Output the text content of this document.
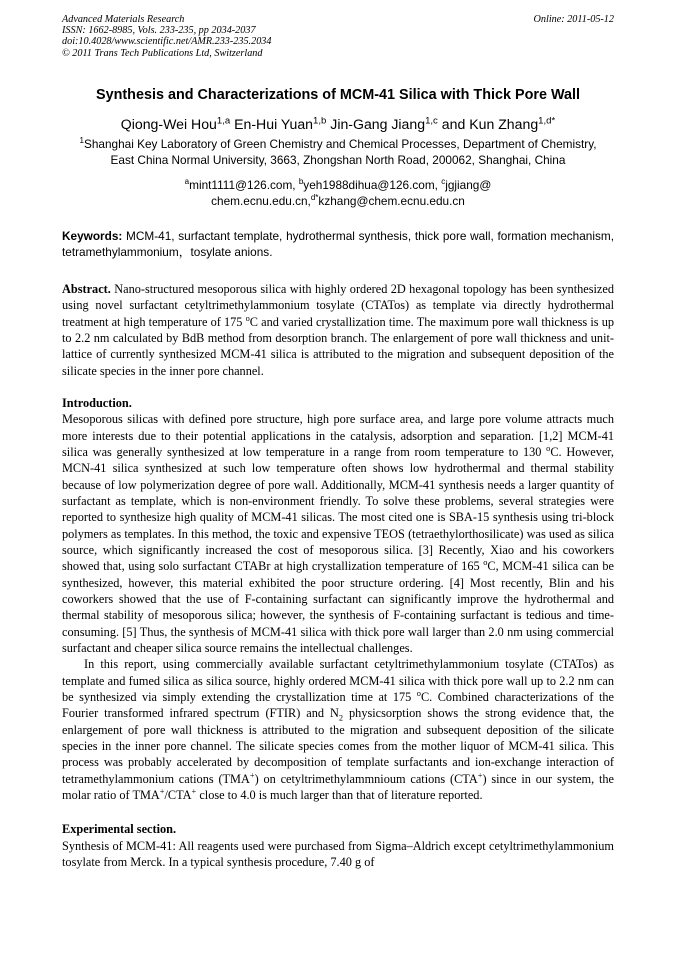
Advanced Materials Research
ISSN: 1662-8985, Vols. 233-235, pp 2034-2037
doi:10.4028/www.scientific.net/AMR.233-235.2034
© 2011 Trans Tech Publications Ltd, Switzerland
Online: 2011-05-12
Synthesis and Characterizations of MCM-41 Silica with Thick Pore Wall
Qiong-Wei Hou$^{1,a}$ En-Hui Yuan$^{1,b}$ Jin-Gang Jiang$^{1,c}$ and Kun Zhang$^{1,d*}$
$^1$Shanghai Key Laboratory of Green Chemistry and Chemical Processes, Department of Chemistry,
East China Normal University, 3663, Zhongshan North Road, 200062, Shanghai, China
$^a$mint1111@126.com, $^b$yeh1988dihua@126.com, $^c$jgjiang@
chem.ecnu.edu.cn,$^{d*}$kzhang@chem.ecnu.edu.cn
Keywords: MCM-41, surfactant template, hydrothermal synthesis, thick pore wall, formation mechanism, tetramethylammonium，tosylate anions.
Abstract. Nano-structured mesoporous silica with highly ordered 2D hexagonal topology has been synthesized using novel surfactant cetyltrimethylammonium tosylate (CTATos) as template via directly hydrothermal treatment at high temperature of 175 $^o$C and varied crystallization time. The maximum pore wall thickness is up to 2.2 nm calculated by BdB method from desorption branch. The enlargement of pore wall thickness and unit-lattice of currently synthesized MCM-41 silica is attributed to the migration and subsequent deposition of the silicate species in the inner pore channel.
Introduction.

Mesoporous silicas with defined pore structure, high pore surface area, and large pore volume attracts much more interests due to their potential applications in the catalysis, adsorption and separation. [1,2] MCM-41 silica was generally synthesized at low temperature in a range from room temperature to 130 $^o$C. However, MCN-41 silica synthesized at such low temperature often shows low hydrothermal and thermal stability because of low polymerization degree of pore wall. Additionally, MCM-41 synthesis needs a larger quantity of surfactant as template, which is non-environment friendly. To solve these problems, several strategies were reported to synthesize high quality of MCM-41 silicas. The most cited one is SBA-15 synthesis using tri-block polymers as templates. In this method, the toxic and expensive TEOS (tetraethylorthosilicate) was used as silica source, which significantly increased the cost of mesoporous silica. [3] Recently, Xiao and his coworkers showed that, using solo surfactant CTABr at high crystallization temperature of 165 $^o$C, MCM-41 silica can be synthesized, however, this material exhibited the poor structure ordering. [4] Most recently, Blin and his coworkers showed that the use of F-containing surfactant can significantly improve the hydrothermal and thermal stability of mesoporous silica; however, the synthesis of F-containing surfactant is tedious and time-consuming. [5] Thus, the synthesis of MCM-41 silica with thick pore wall larger than 2.0 nm using commercial surfactant and cheaper silica source remains the intellectual challenges.

In this report, using commercially available surfactant cetyltrimethylammonium tosylate (CTATos) as template and fumed silica as silica source, highly ordered MCM-41 silica with thick pore wall up to 2.2 nm can be synthesized via simply extending the crystallization time at 175 $^o$C. Combined characterizations of the Fourier transformed infrared spectrum (FTIR) and $N_2$ physicsorption shows the strong evidence that, the enlargement of pore wall thickness is attributed to the migration and subsequent deposition of the silicate species in the inner pore channel. The silicate species comes from the mother liquor of MCM-41 silica. This process was probably accelerated by decomposition of template surfactants and ion-exchange interaction of tetramethylammonium cations (TMA+) on cetyltrimethylammnioum cations (CTA+) since in our system, the molar ratio of TMA+/CTA+ close to 4.0 is much larger than that of literature reported.

Experimental section.

Synthesis of MCM-41: All reagents used were purchased from Sigma–Aldrich except cetyltrimethylammonium tosylate from Merck. In a typical synthesis procedure, 7.40 g of
